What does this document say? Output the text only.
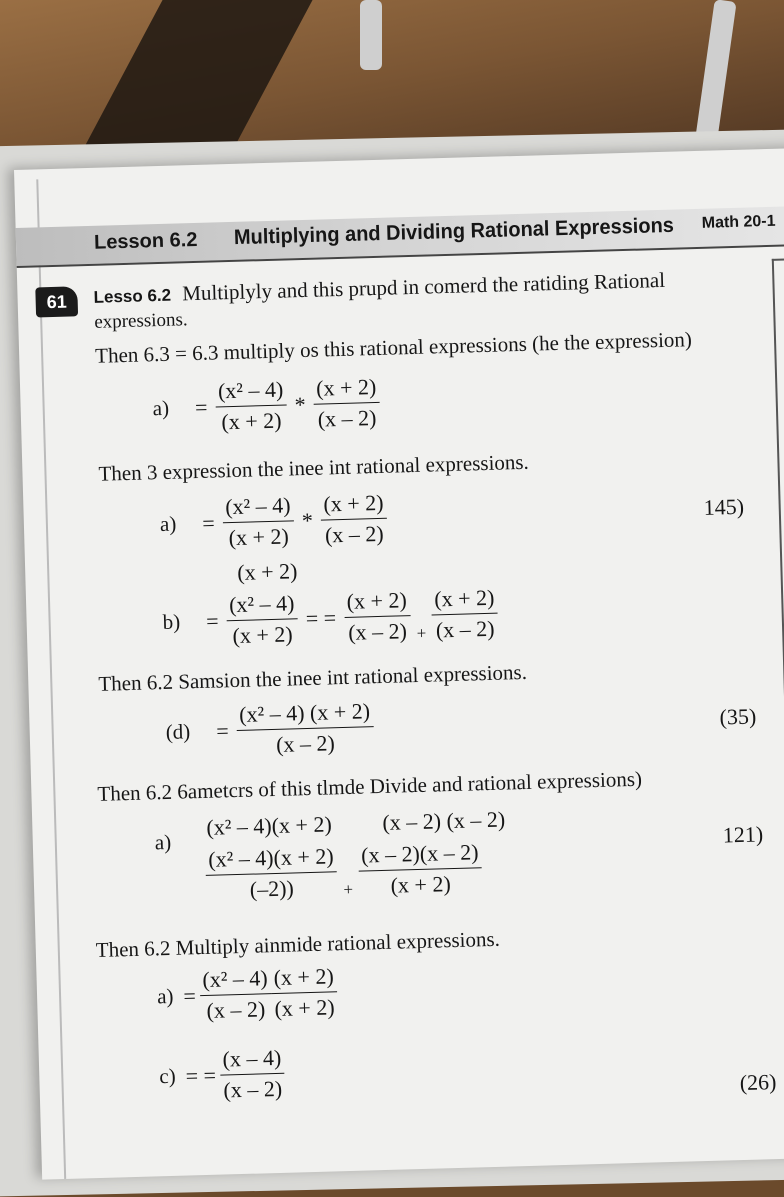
Lesson 6.2 Multiplying and Dividing Rational Expressions Math 20-1
61	Lesso 6.2 Multiplyly and this prupd in comerd the ratiding Rational
expressions.
Then 6.3 = 6.3 multiply os this rational expressions (he the expression)
$a) = \frac{\text{(x² – 4)}}{(x + 2)} * \frac{(x + 2)}{(x - 2)}$
Then 3 expression the inee int rational expressions.
$a) = \frac{\text{(x² – 4)}}{(x + 2)} * \frac{(x + 2)}{(x - 2)}$
(x + 2)
145)
$b) = \frac{\text{(x² – 4)}}{(x + 2)}$ = = $\frac{(x + 2)}{(x - 2)} + \frac{(x + 2)}{(x - 2)}$
Then 6.2 Samsion the inee int rational expressions.
$(d) = \frac{\text{(x² – 4) (x + 2)}}{(x - 2)}$	(35)
Then 6.2 6ametcrs of this tlmde Divide and rational expressions)
a)
(x² – 4)(x + 2) (x – 2) (x – 2)
$\frac{\text{(x² – 4)(x + 2)}}{(-2))} + \frac{(x - 2)(x - 2)}{(x + 2)}$
121)
Then 6.2 Multiply ainmide rational expressions.
$a) = \frac{\text{(x² – 4)}}{(x - 2)}$
$\frac{(x + 2)}{(x + 2)}$
c) = = $\frac{(x - 4)}{(x - 2)}$	(26)
